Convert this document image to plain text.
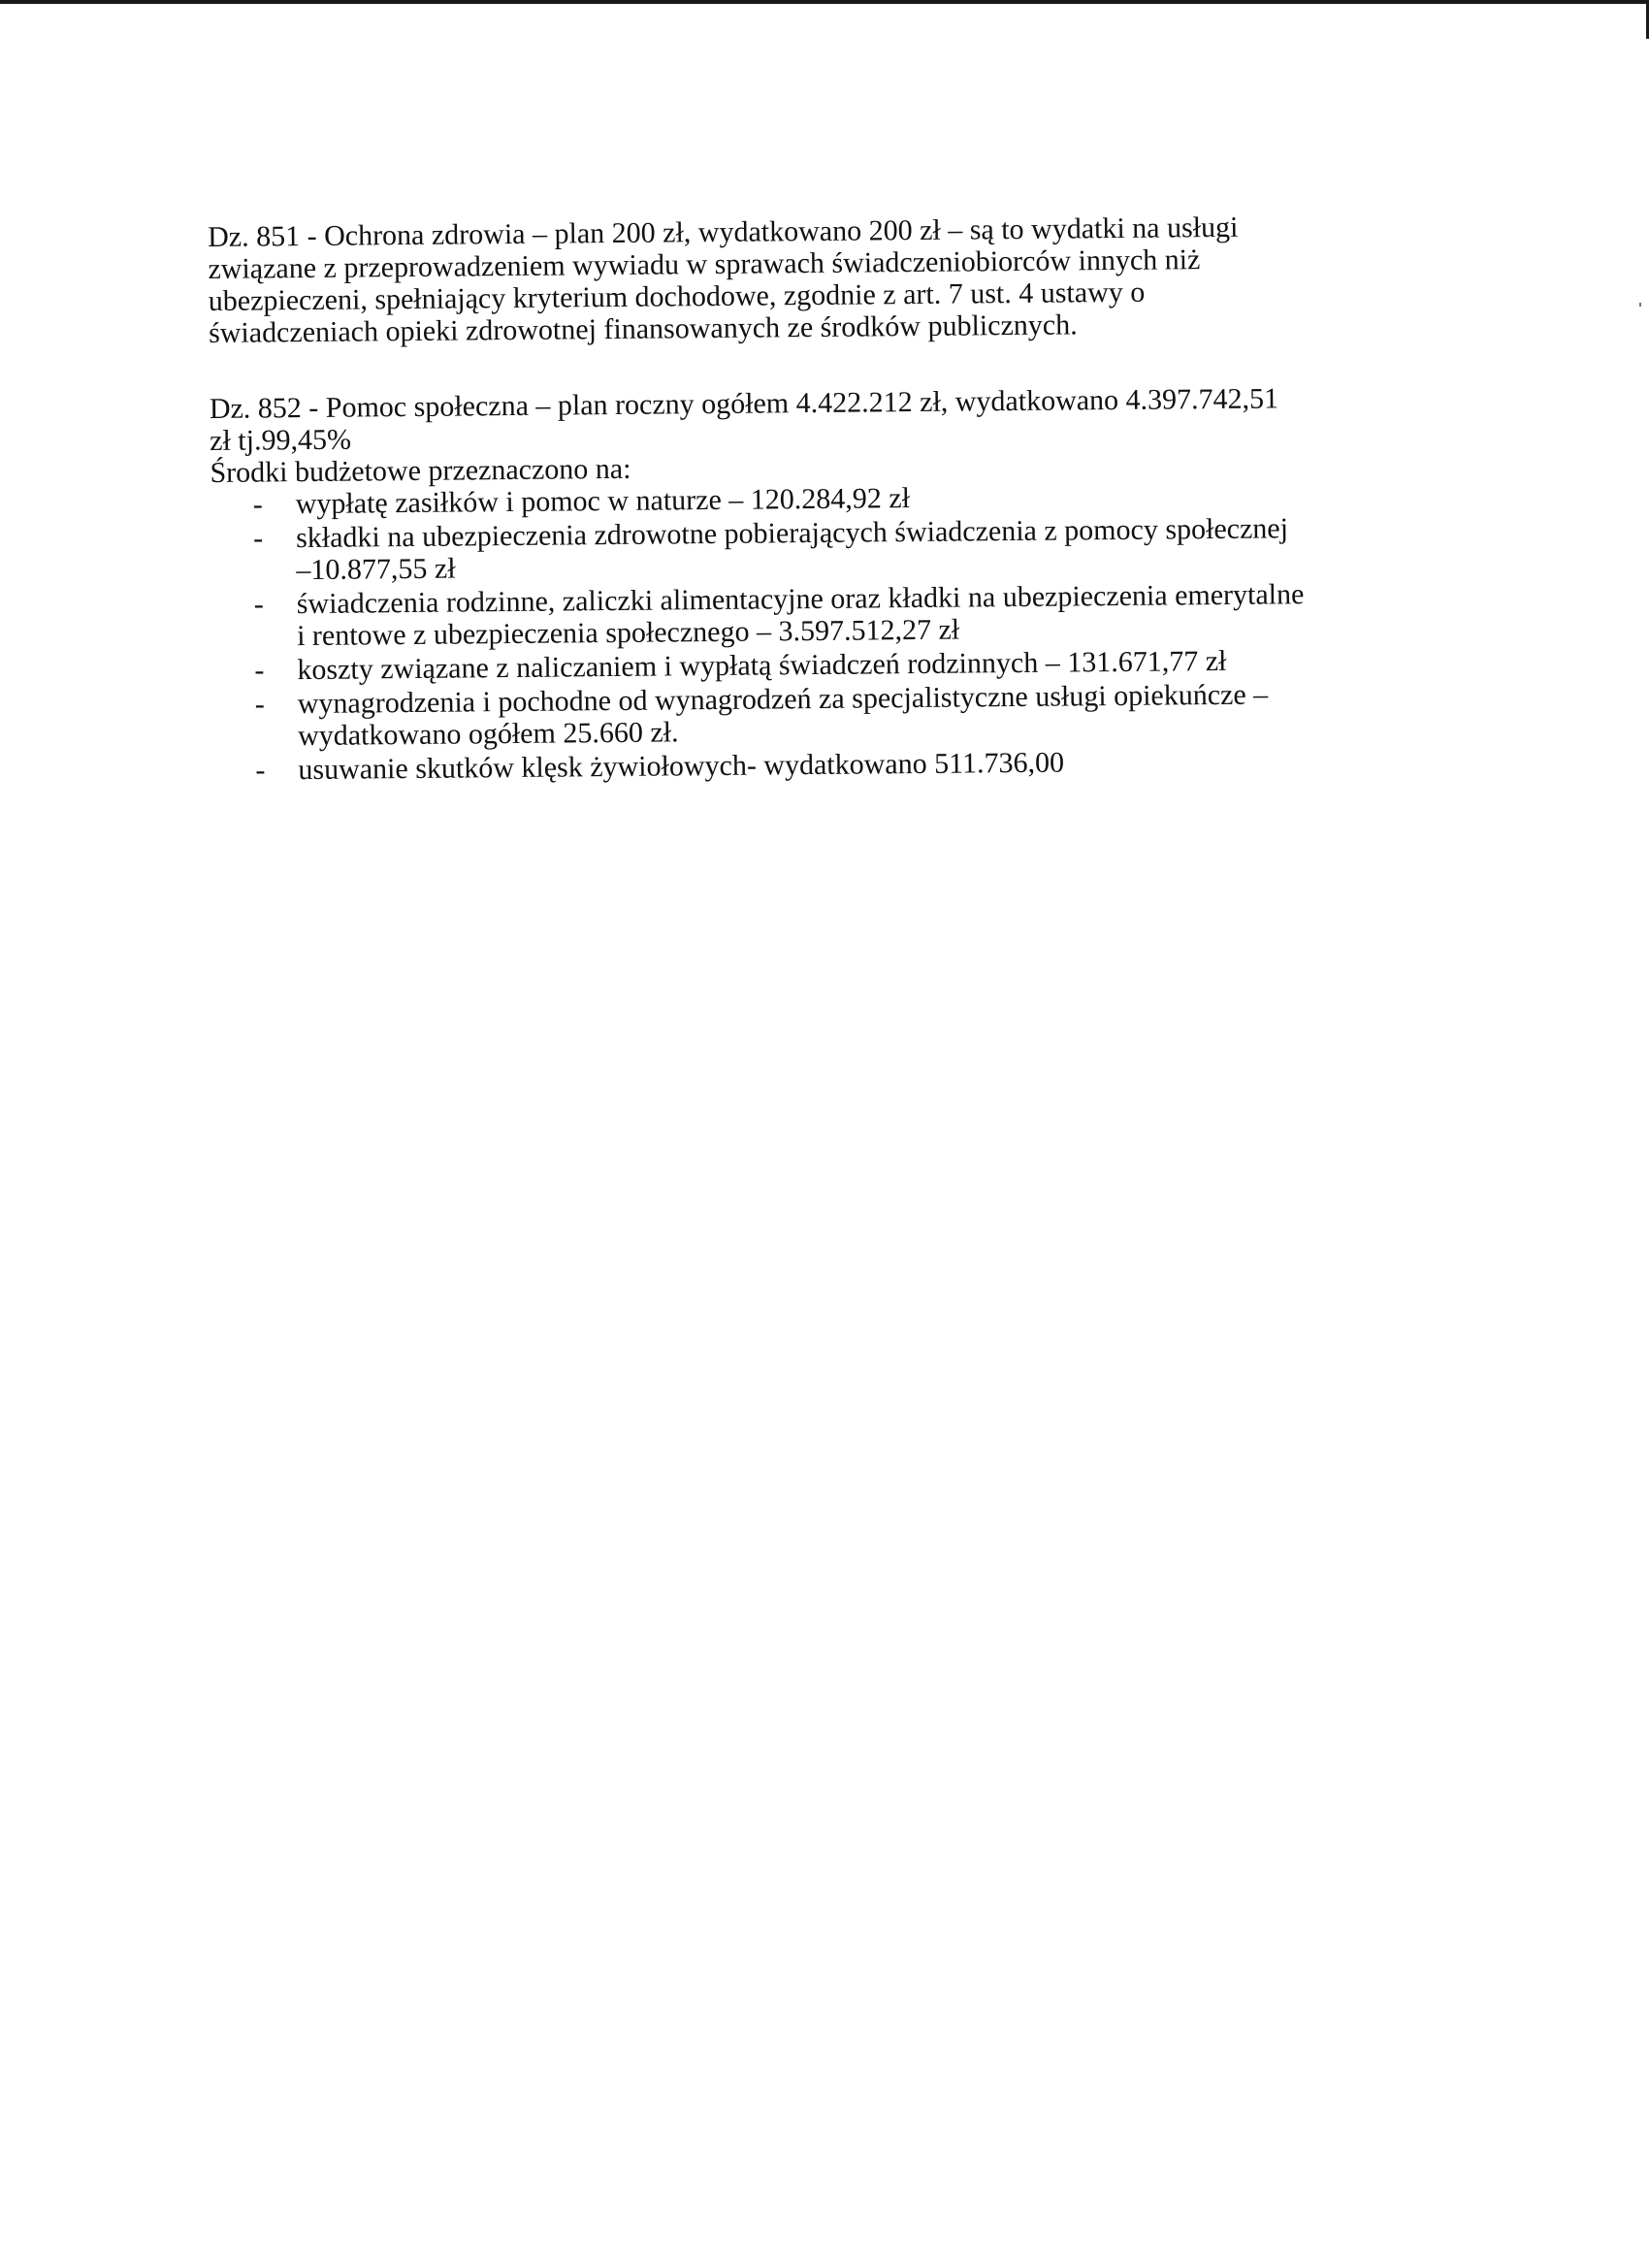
Dz. 851 - Ochrona zdrowia – plan 200 zł, wydatkowano 200 zł – są to wydatki na usługi
związane z przeprowadzeniem wywiadu w sprawach świadczeniobiorców innych niż
ubezpieczeni, spełniający kryterium dochodowe, zgodnie z art. 7 ust. 4 ustawy o
świadczeniach opieki zdrowotnej finansowanych ze środków publicznych.
Dz. 852 - Pomoc społeczna – plan roczny ogółem 4.422.212 zł, wydatkowano 4.397.742,51
zł tj.99,45%
Środki budżetowe przeznaczono na:
- wypłatę zasiłków i pomoc w naturze – 120.284,92 zł
- składki na ubezpieczenia zdrowotne pobierających świadczenia z pomocy społecznej
–10.877,55 zł
- świadczenia rodzinne, zaliczki alimentacyjne oraz kładki na ubezpieczenia emerytalne
i rentowe z ubezpieczenia społecznego – 3.597.512,27 zł
- koszty związane z naliczaniem i wypłatą świadczeń rodzinnych – 131.671,77 zł
- wynagrodzenia i pochodne od wynagrodzeń za specjalistyczne usługi opiekuńcze –
wydatkowano ogółem 25.660 zł.
- usuwanie skutków klęsk żywiołowych- wydatkowano 511.736,00
